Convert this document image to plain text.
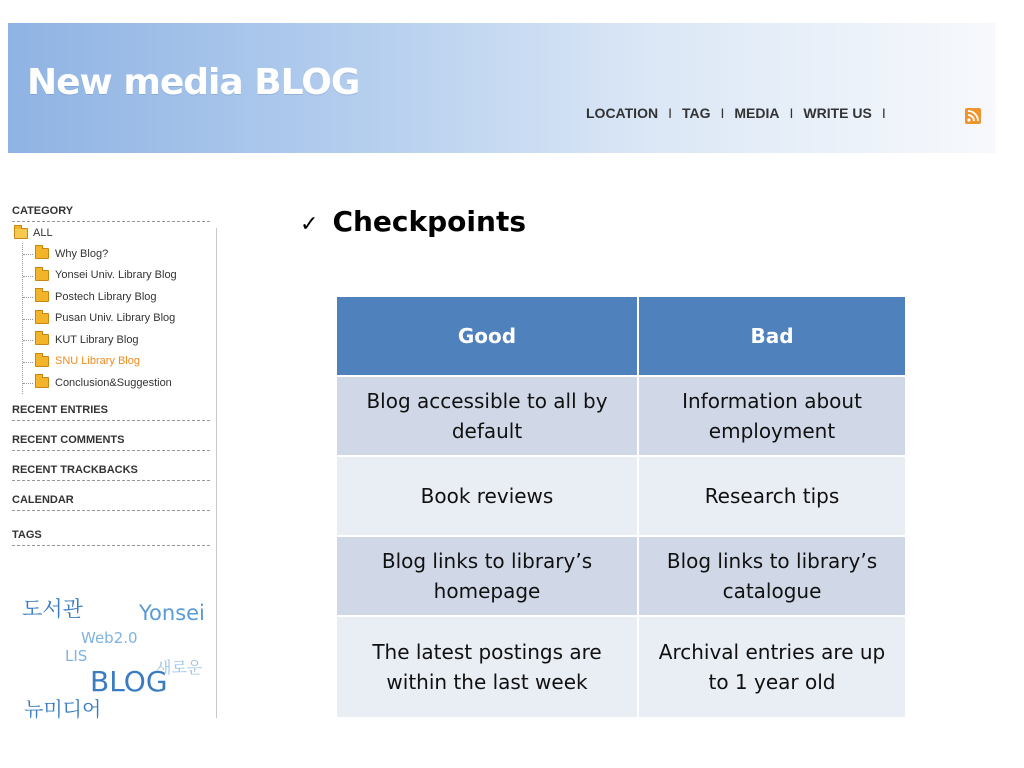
New media BLOG
LOCATION I TAG I MEDIA I WRITE US I
CATEGORY
ALL
Why Blog?
Yonsei Univ. Library Blog
Postech Library Blog
Pusan Univ. Library Blog
KUT Library Blog
SNU Library Blog
Conclusion&Suggestion
RECENT ENTRIES
RECENT COMMENTS
RECENT TRACKBACKS
CALENDAR
TAGS
도서관	Yonsei
Web2.0
LIS
새로운
BLOG
뉴미디어
✓ Checkpoints
Good	Bad
Blog accessible to all by default	Information about employment
Book reviews	Research tips
Blog links to library’s homepage	Blog links to library’s catalogue
The latest postings are within the last week	Archival entries are up to 1 year old
